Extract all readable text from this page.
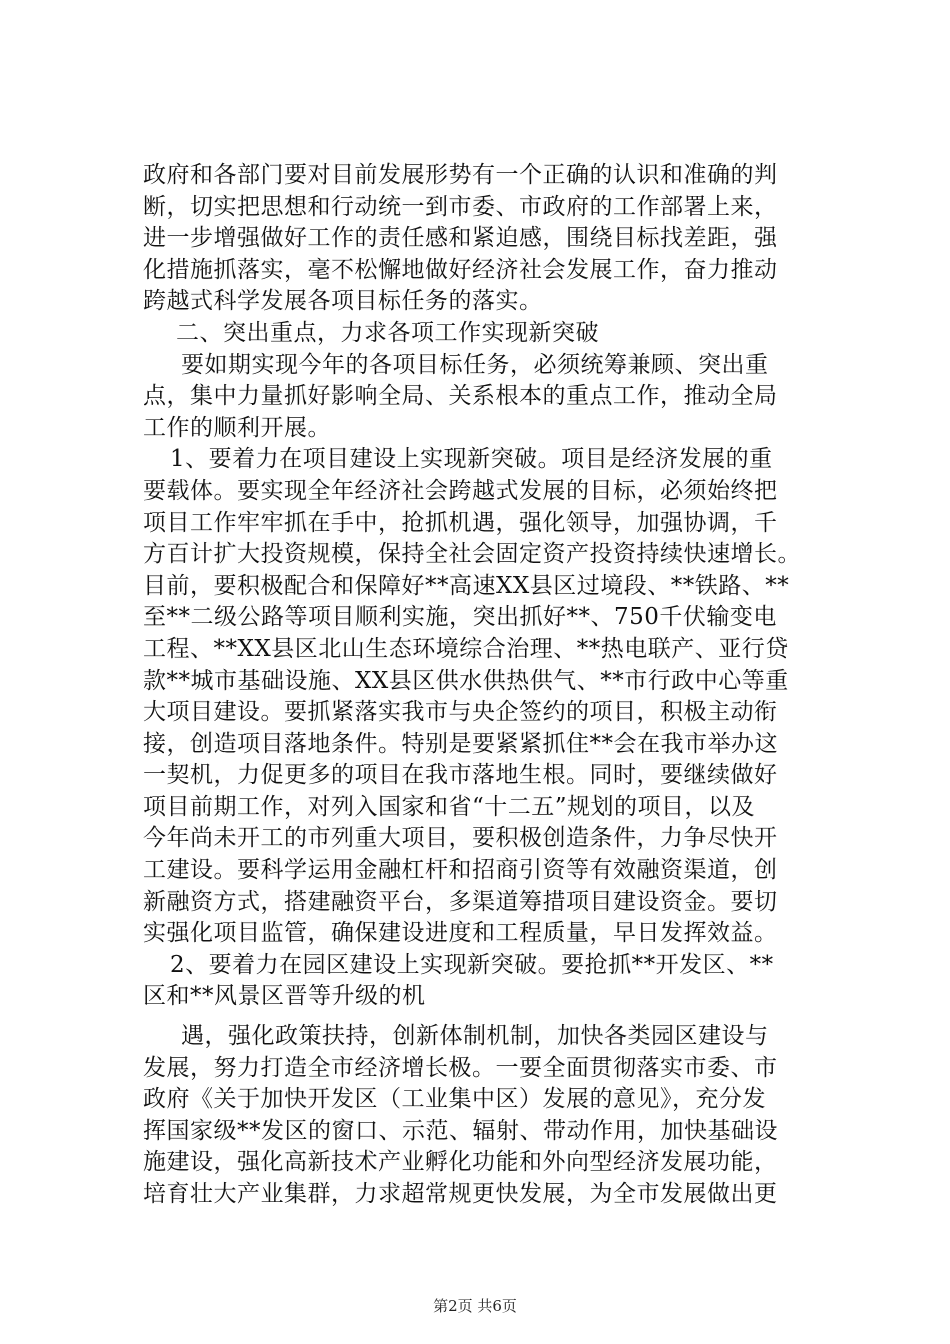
政府和各部门要对目前发展形势有一个正确的认识和准确的判
断，切实把思想和行动统一到市委、市政府的工作部署上来，
进一步增强做好工作的责任感和紧迫感，围绕目标找差距，强
化措施抓落实，毫不松懈地做好经济社会发展工作，奋力推动
跨越式科学发展各项目标任务的落实。
二、突出重点，力求各项工作实现新突破
要如期实现今年的各项目标任务，必须统筹兼顾、突出重
点，集中力量抓好影响全局、关系根本的重点工作，推动全局
工作的顺利开展。
1、要着力在项目建设上实现新突破。项目是经济发展的重
要载体。要实现全年经济社会跨越式发展的目标，必须始终把
项目工作牢牢抓在手中，抢抓机遇，强化领导，加强协调，千
方百计扩大投资规模，保持全社会固定资产投资持续快速增长。
目前，要积极配合和保障好**高速XX县区过境段、**铁路、**
至**二级公路等项目顺利实施，突出抓好**、750千伏输变电
工程、**XX县区北山生态环境综合治理、**热电联产、亚行贷
款**城市基础设施、XX县区供水供热供气、**市行政中心等重
大项目建设。要抓紧落实我市与央企签约的项目，积极主动衔
接，创造项目落地条件。特别是要紧紧抓住**会在我市举办这
一契机，力促更多的项目在我市落地生根。同时，要继续做好
项目前期工作，对列入国家和省“十二五”规划的项目，以及
今年尚未开工的市列重大项目，要积极创造条件，力争尽快开
工建设。要科学运用金融杠杆和招商引资等有效融资渠道，创
新融资方式，搭建融资平台，多渠道筹措项目建设资金。要切
实强化项目监管，确保建设进度和工程质量，早日发挥效益。
2、要着力在园区建设上实现新突破。要抢抓**开发区、**
区和**风景区晋等升级的机
遇，强化政策扶持，创新体制机制，加快各类园区建设与
发展，努力打造全市经济增长极。一要全面贯彻落实市委、市
政府《关于加快开发区（工业集中区）发展的意见》，充分发
挥国家级**发区的窗口、示范、辐射、带动作用，加快基础设
施建设，强化高新技术产业孵化功能和外向型经济发展功能，
培育壮大产业集群，力求超常规更快发展，为全市发展做出更
第2页 共6页
